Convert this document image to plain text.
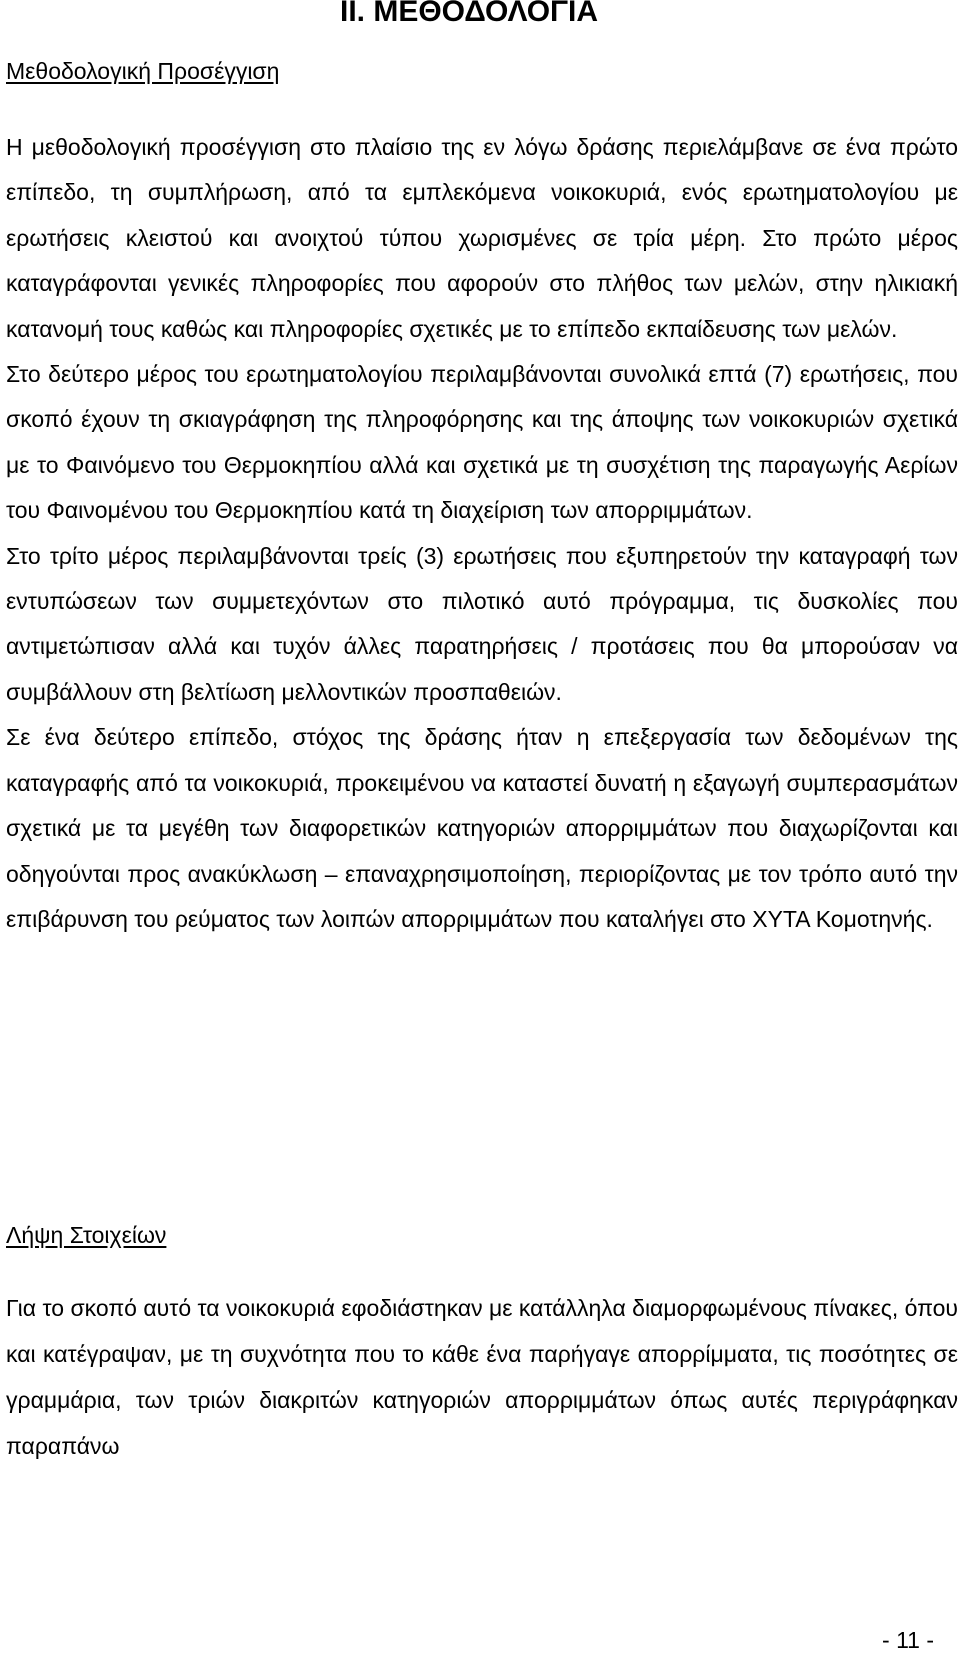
II. ΜΕΘΟΔΟΛΟΓΙΑ
Μεθοδολογική Προσέγγιση

Η μεθοδολογική προσέγγιση στο πλαίσιο της εν λόγω δράσης περιελάμβανε σε ένα πρώτο επίπεδο, τη συμπλήρωση, από τα εμπλεκόμενα νοικοκυριά, ενός ερωτηματολογίου με ερωτήσεις κλειστού και ανοιχτού τύπου χωρισμένες σε τρία μέρη. Στο πρώτο μέρος καταγράφονται γενικές πληροφορίες που αφορούν στο πλήθος των μελών, στην ηλικιακή κατανομή τους καθώς και πληροφορίες σχετικές με το επίπεδο εκπαίδευσης των μελών.

Στο δεύτερο μέρος του ερωτηματολογίου περιλαμβάνονται συνολικά επτά (7) ερωτήσεις, που σκοπό έχουν τη σκιαγράφηση της πληροφόρησης και της άποψης των νοικοκυριών σχετικά με το Φαινόμενο του Θερμοκηπίου αλλά και σχετικά με τη συσχέτιση της παραγωγής Αερίων του Φαινομένου του Θερμοκηπίου κατά τη διαχείριση των απορριμμάτων.

Στο τρίτο μέρος περιλαμβάνονται τρείς (3) ερωτήσεις που εξυπηρετούν την καταγραφή των εντυπώσεων των συμμετεχόντων στο πιλοτικό αυτό πρόγραμμα, τις δυσκολίες που αντιμετώπισαν αλλά και τυχόν άλλες παρατηρήσεις / προτάσεις που θα μπορούσαν να συμβάλλουν στη βελτίωση μελλοντικών προσπαθειών.

Σε ένα δεύτερο επίπεδο, στόχος της δράσης ήταν η επεξεργασία των δεδομένων της καταγραφής από τα νοικοκυριά, προκειμένου να καταστεί δυνατή η εξαγωγή συμπερασμάτων σχετικά με τα μεγέθη των διαφορετικών κατηγοριών απορριμμάτων που διαχωρίζονται και οδηγούνται προς ανακύκλωση – επαναχρησιμοποίηση, περιορίζοντας με τον τρόπο αυτό την επιβάρυνση του ρεύματος των λοιπών απορριμμάτων που καταλήγει στο ΧΥΤΑ Κομοτηνής.

Λήψη Στοιχείων

Για το σκοπό αυτό τα νοικοκυριά εφοδιάστηκαν με κατάλληλα διαμορφωμένους πίνακες, όπου και κατέγραψαν, με τη συχνότητα που το κάθε ένα παρήγαγε απορρίμματα, τις ποσότητες σε γραμμάρια, των τριών διακριτών κατηγοριών απορριμμάτων όπως αυτές περιγράφηκαν παραπάνω

- 11 -
